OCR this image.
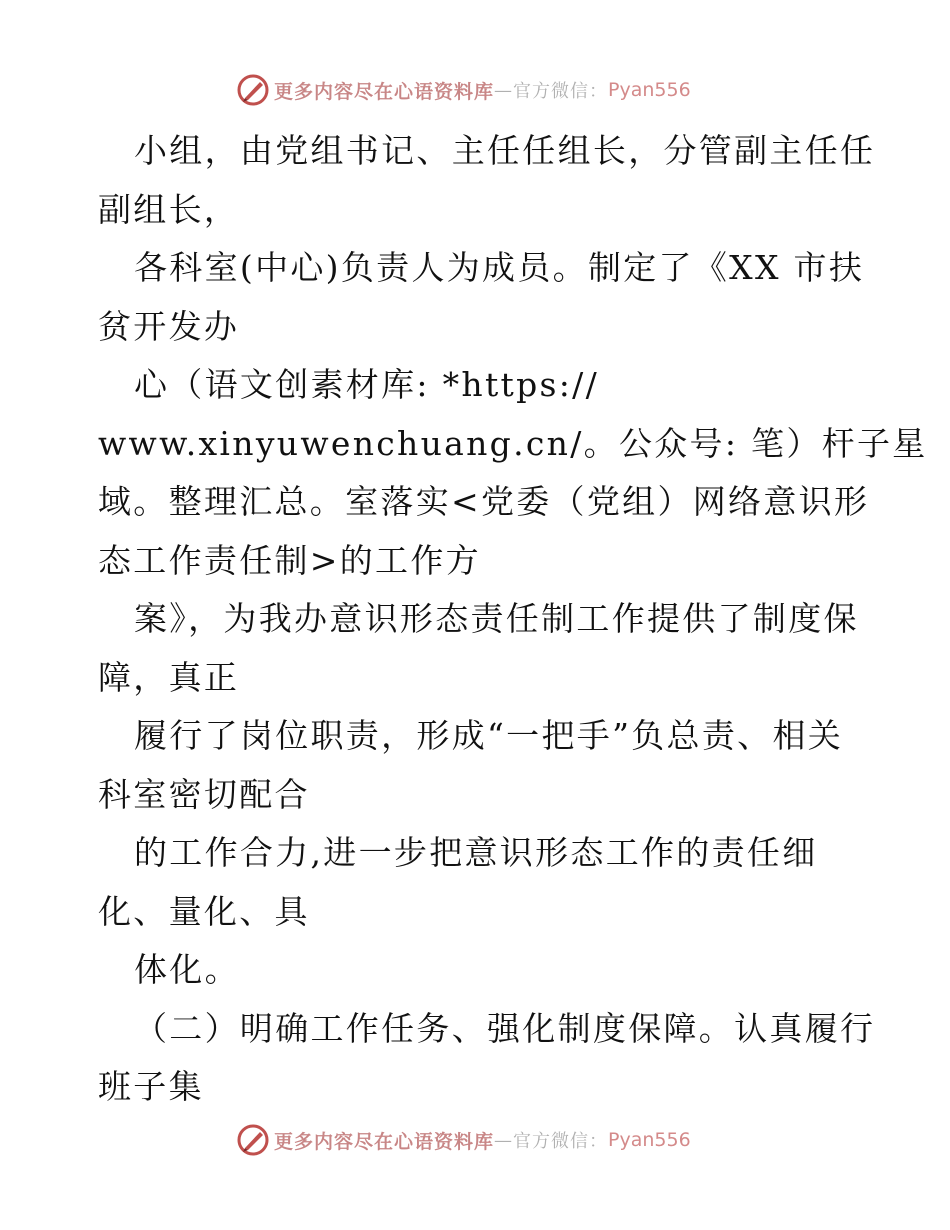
更多内容尽在心语资料库 — 官方微信： Pyan556
小组，由党组书记、主任任组长，分管副主任任
副组长，
各科室(中心)负责人为成员。制定了《XX 市扶
贫开发办
心（语文创素材库: *https://
www.xinyuwenchuang.cn/。公众号: 笔）杆子星
域。整理汇总。室落实<党委（党组）网络意识形
态工作责任制>的工作方
案》，为我办意识形态责任制工作提供了制度保
障，真正
履行了岗位职责，形成“一把手”负总责、相关
科室密切配合
的工作合力,进一步把意识形态工作的责任细
化、量化、具
体化。
（二）明确工作任务、强化制度保障。认真履行
班子集
更多内容尽在心语资料库 — 官方微信： Pyan556
